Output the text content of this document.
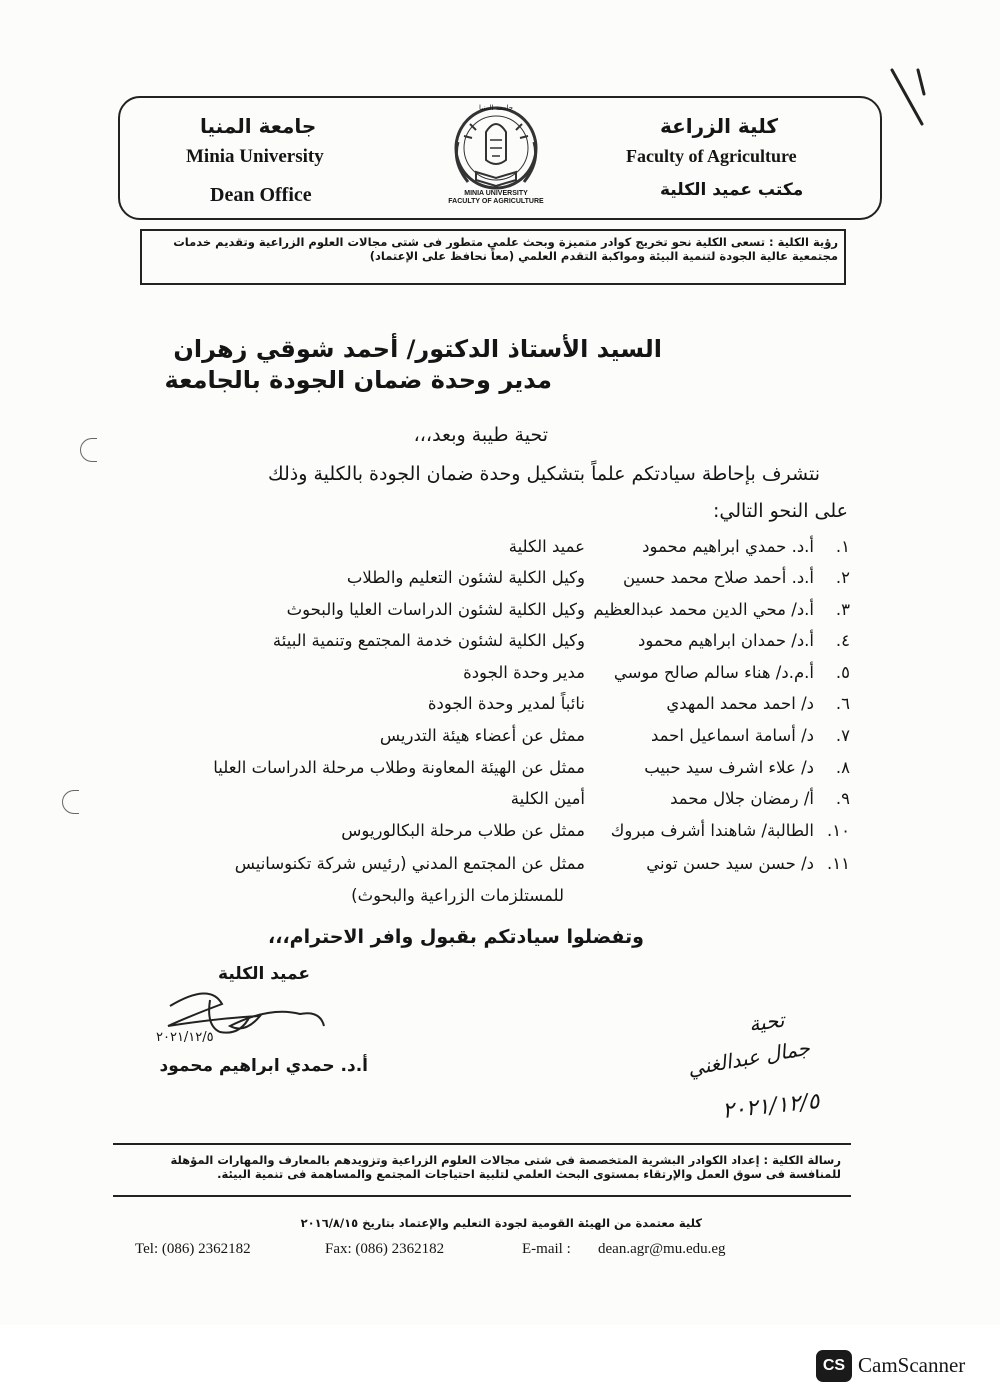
جامعة المنيا
Minia University
Dean Office
كلية الزراعة
Faculty of Agriculture
مكتب عميد الكلية
جامعة المنيا
MINIA UNIVERSITY
FACULTY OF AGRICULTURE
رؤية الكلية : تسعى الكلية نحو تخريج كوادر متميزة وبحث علمي متطور فى شتى مجالات العلوم الزراعية وتقديم خدمات
مجتمعية عالية الجودة لتنمية البيئة ومواكبة التقدم العلمي (معاً نحافظ على الإعتماد)
السيد الأستاذ الدكتور/ أحمد شوقي زهران
مدير وحدة ضمان الجودة بالجامعة
تحية طيبة وبعد،،،
نتشرف بإحاطة سيادتكم علماً بتشكيل وحدة ضمان الجودة بالكلية وذلك
على النحو التالي:
١.
أ.د. حمدي ابراهيم محمود
عميد الكلية
٢.
أ.د. أحمد صلاح محمد حسين
وكيل الكلية لشئون التعليم والطلاب
٣.
أ.د/ محي الدين محمد عبدالعظيم
وكيل الكلية لشئون الدراسات العليا والبحوث
٤.
أ.د/ حمدان ابراهيم محمود
وكيل الكلية لشئون خدمة المجتمع وتنمية البيئة
٥.
أ.م.د/ هناء سالم صالح موسي
مدير وحدة الجودة
٦.
د/ احمد محمد المهدي
نائباً لمدير وحدة الجودة
٧.
د/ أسامة اسماعيل احمد
ممثل عن أعضاء هيئة التدريس
٨.
د/ علاء اشرف سيد حبيب
ممثل عن الهيئة المعاونة وطلاب مرحلة الدراسات العليا
٩.
أ/ رمضان جلال محمد
أمين الكلية
١٠.
الطالبة/ شاهندا أشرف مبروك
ممثل عن طلاب مرحلة البكالوريوس
١١.
د/ حسن سيد حسن توني
ممثل عن المجتمع المدني (رئيس شركة تكنوسانيس
للمستلزمات الزراعية والبحوث)
وتفضلوا سيادتكم بقبول وافر الاحترام،،،
عميد الكلية
٢٠٢١/١٢/٥
أ.د. حمدي ابراهيم محمود
تحية
جمال عبدالغني
٢٠٢١/١٢/٥
رسالة الكلية : إعداد الكوادر البشرية المتخصصة فى شتى مجالات العلوم الزراعية وتزويدهم بالمعارف والمهارات المؤهلة
للمنافسة فى سوق العمل والإرتقاء بمستوى البحث العلمي لتلبية احتياجات المجتمع والمساهمة فى تنمية البيئة.
كلية معتمدة من الهيئة القومية لجودة التعليم والإعتماد بتاريخ ٢٠١٦/٨/١٥
Tel: (086) 2362182	Fax: (086) 2362182	E-mail : dean.agr@mu.edu.eg
CS CamScanner
